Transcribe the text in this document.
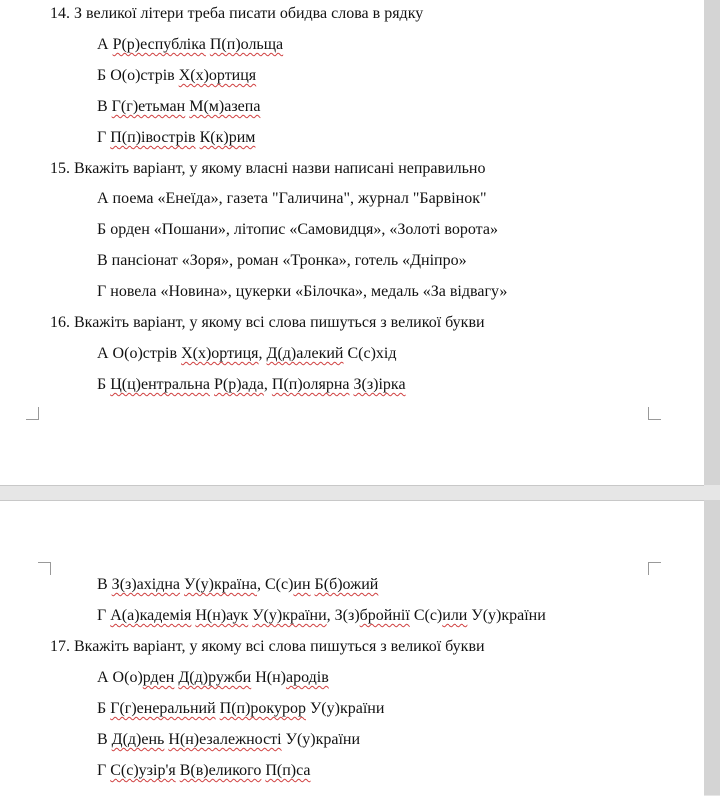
14. З великої літери треба писати обидва слова в рядку
А Р(р)еспубліка П(п)ольща
Б О(о)стрів Х(х)ортиця
В Г(г)етьман М(м)азепа
Г П(п)івострів К(к)рим
15. Вкажіть варіант, у якому власні назви написані неправильно
А поема «Енеїда», газета "Галичина", журнал "Барвінок"
Б орден «Пошани», літопис «Самовидця», «Золоті ворота»
В пансіонат «Зоря», роман «Тронка», готель «Дніпро»
Г новела «Новина», цукерки «Білочка», медаль «За відвагу»
16. Вкажіть варіант, у якому всі слова пишуться з великої букви
А О(о)стрів Х(х)ортиця, Д(д)алекий С(с)хід
Б Ц(ц)ентральна Р(р)ада, П(п)олярна З(з)ірка
В З(з)ахідна У(у)країна, С(с)ин Б(б)ожий
Г А(а)кадемія Н(н)аук У(у)країни, З(з)бройнії С(с)или У(у)країни
17. Вкажіть варіант, у якому всі слова пишуться з великої букви
А О(о)рден Д(д)ружби Н(н)ародів
Б Г(г)енеральний П(п)рокурор У(у)країни
В Д(д)ень Н(н)езалежності У(у)країни
Г С(с)узір'я В(в)еликого П(п)са
